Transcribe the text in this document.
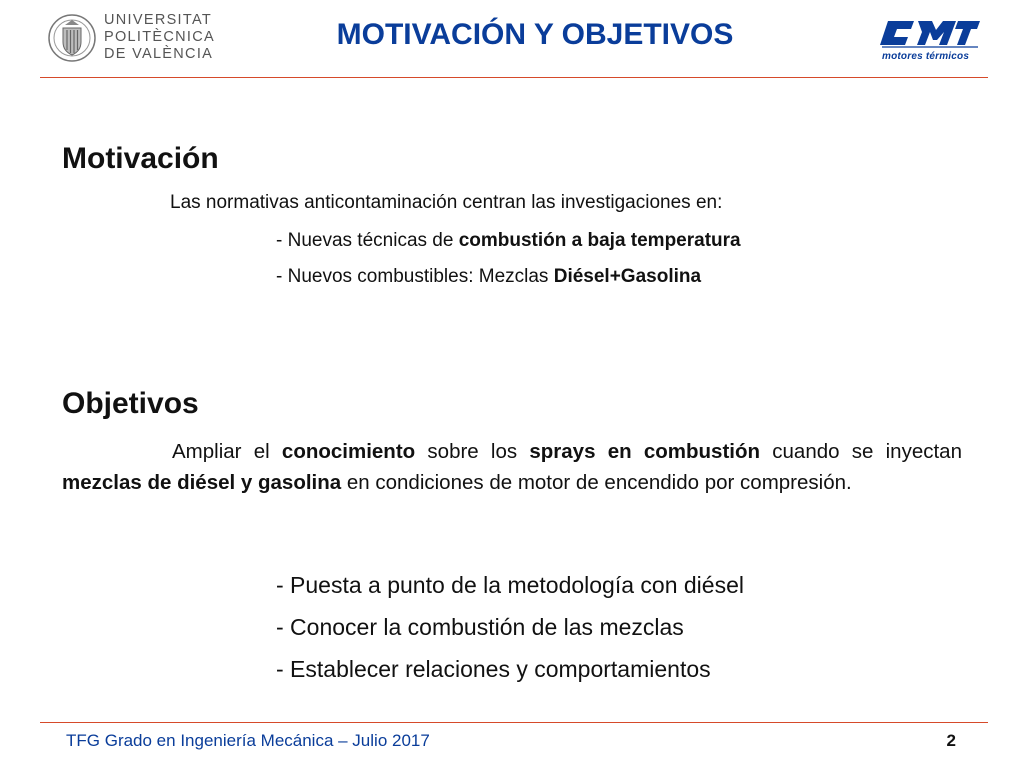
UNIVERSITAT
POLITÈCNICA
DE VALÈNCIA
MOTIVACIÓN Y OBJETIVOS
motores térmicos
Motivación
Las normativas anticontaminación centran las investigaciones en:
- Nuevas técnicas de combustión a baja temperatura
- Nuevos combustibles: Mezclas Diésel+Gasolina
Objetivos
Ampliar el conocimiento sobre los sprays en combustión cuando se inyectan mezclas de diésel y gasolina en condiciones de motor de encendido por compresión.
- Puesta a punto de la metodología con diésel
- Conocer la combustión de las mezclas
- Establecer relaciones y comportamientos
TFG Grado en Ingeniería Mecánica – Julio 2017	2
